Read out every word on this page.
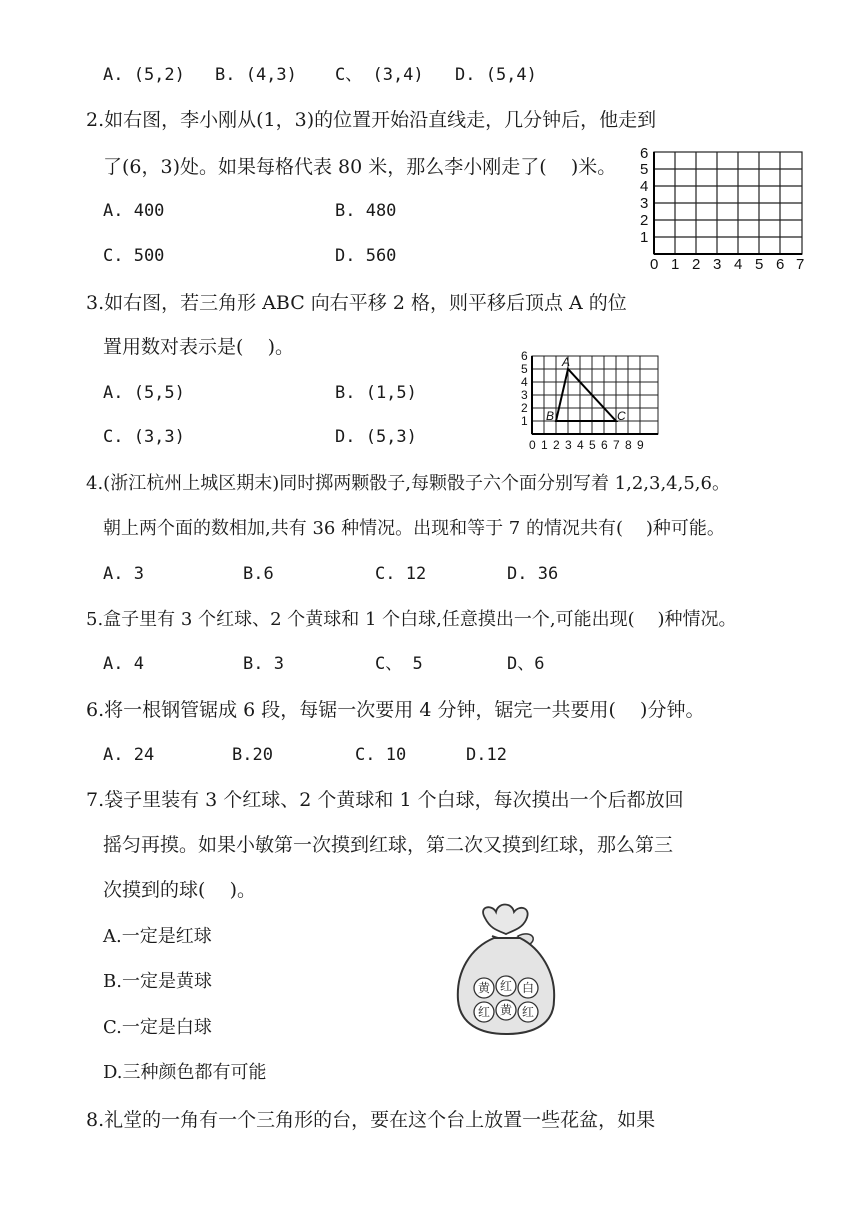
A. (5,2) B. (4,3) C、 (3,4) D. (5,4)
2.如右图，李小刚从(1，3)的位置开始沿直线走，几分钟后，他走到
了(6，3)处。如果每格代表 80 米，那么李小刚走了(    )米。
A. 400	B. 480
C. 500	D. 560
1
2
3
4
5
6
0 1 2 3 4 5 6 7
3.如右图，若三角形 ABC 向右平移 2 格，则平移后顶点 A 的位
置用数对表示是(    )。
A. (5,5)	B. (1,5)
C. (3,3)	D. (5,3)
A
B	C
1
2
3
4
5
6
0 1 2 3 4 5 6 7 8 9
4.(浙江杭州上城区期末)同时掷两颗骰子,每颗骰子六个面分别写着 1,2,3,4,5,6。
朝上两个面的数相加,共有 36 种情况。出现和等于 7 的情况共有(    )种可能。
A. 3	B.6	C. 12	D. 36
5.盒子里有 3 个红球、2 个黄球和 1 个白球,任意摸出一个,可能出现(    )种情况。
A. 4	B. 3	C、 5	D、6
6.将一根钢管锯成 6 段，每锯一次要用 4 分钟，锯完一共要用(    )分钟。
A. 24	B.20	C. 10	D.12
7.袋子里装有 3 个红球、2 个黄球和 1 个白球，每次摸出一个后都放回
摇匀再摸。如果小敏第一次摸到红球，第二次又摸到红球，那么第三
次摸到的球(    )。
A.一定是红球
B.一定是黄球
C.一定是白球
D.三种颜色都有可能
黄 红 白
红 黄 红
8.礼堂的一角有一个三角形的台，要在这个台上放置一些花盆，如果
